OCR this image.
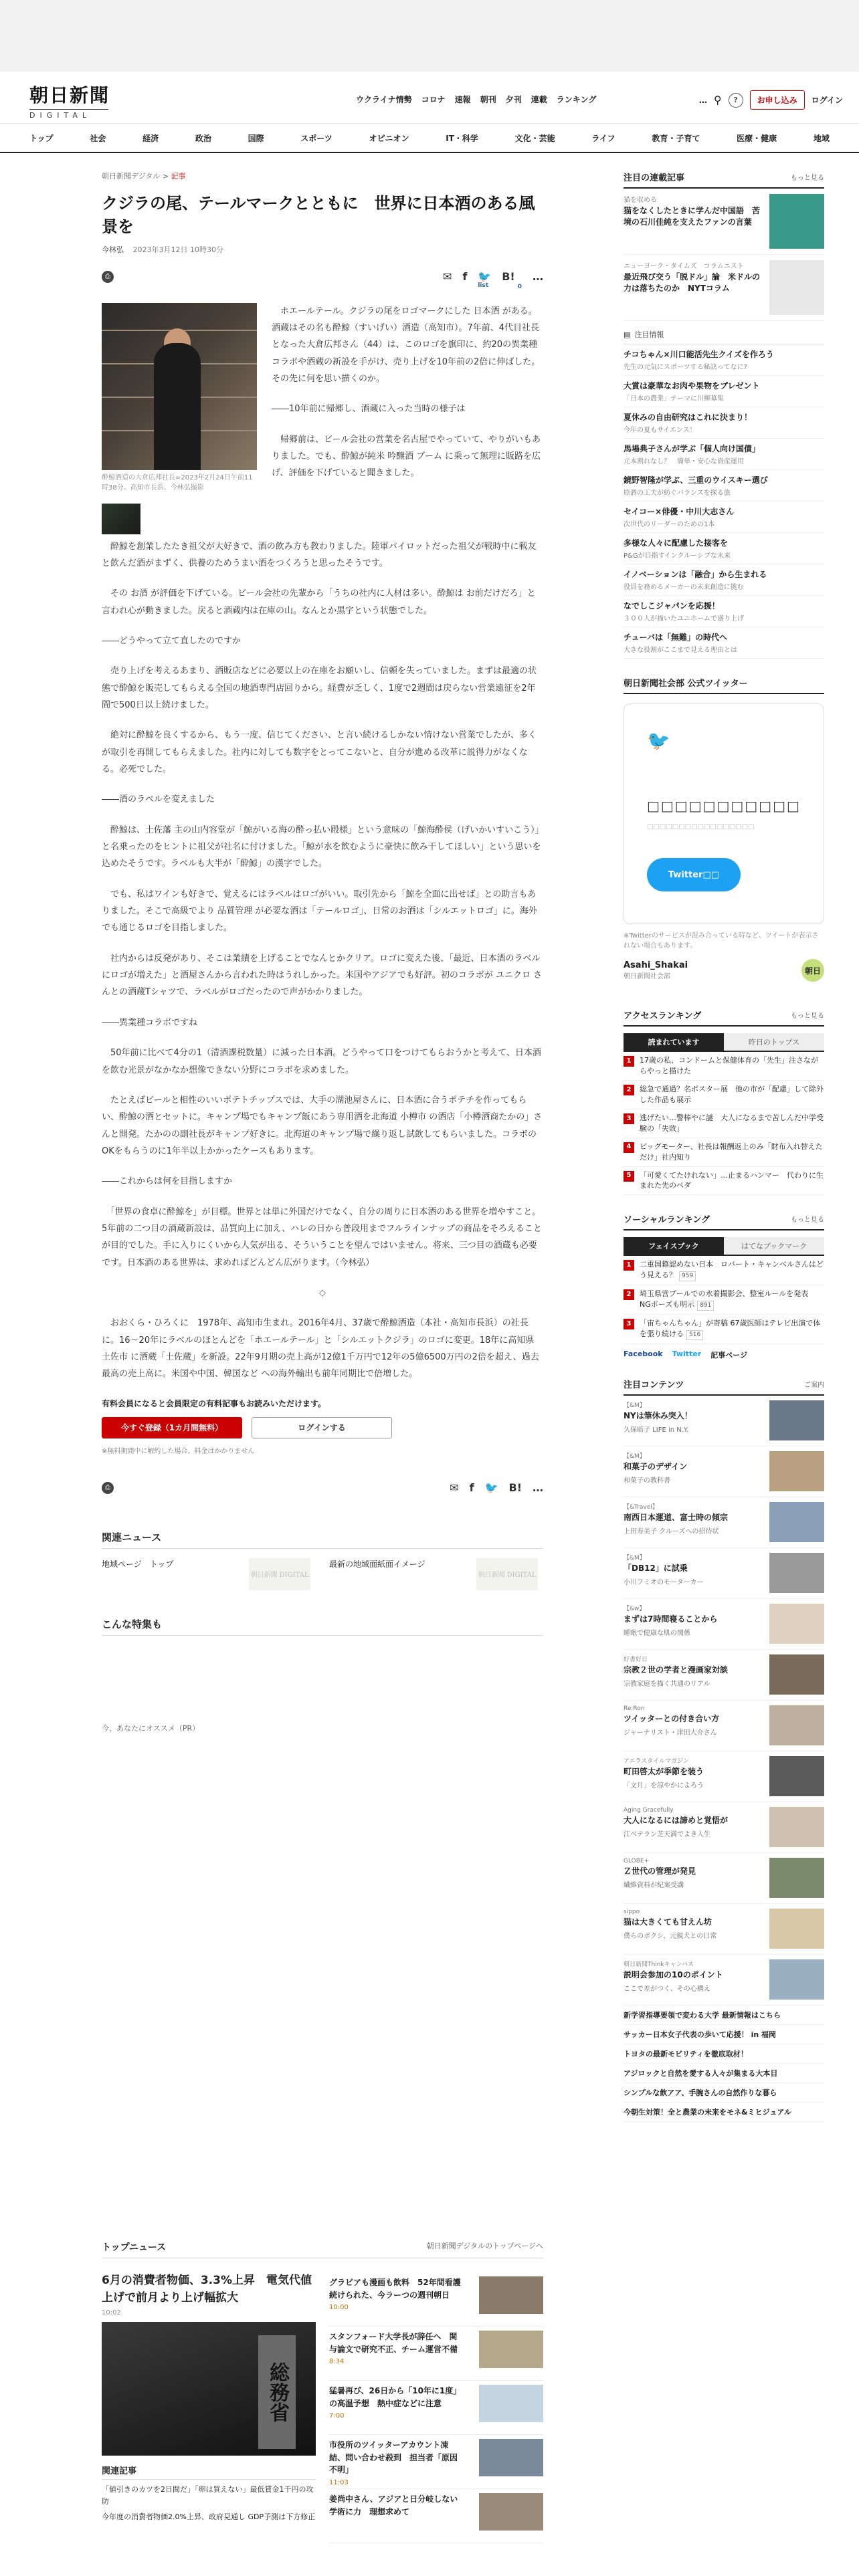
朝日新聞
DIGITAL
ウクライナ情勢 コロナ 速報 朝刊 夕刊 連載 ランキング	… ⚲	?	お申し込み	ログイン
トップ	社会	経済	政治	国際	スポーツ	オピニオン	IT・科学	文化・芸能	ライフ	教育・子育て	医療・健康	地域
朝日新聞デジタル > 記事
クジラの尾、テールマークとともに　世界に日本酒のある風景を
今林弘 2023年3月12日 10時30分
⎙	✉ f 🐦
list
B!
0
…
酔鯨酒造の大倉広邦社長=2023年2月24日午前11時38分、高知市長浜、今林弘撮影

　ホエールテール。クジラの尾をロゴマークにした 日本酒 がある。酒蔵はその名も酔鯨（すいげい）酒造（高知市）。7年前、4代目社長となった大倉広邦さん（44）は、このロゴを旗印に、約20の異業種コラボや酒蔵の新設を手がけ、売り上げを10年前の2倍に伸ばした。その先に何を思い描くのか。

――10年前に帰郷し、酒蔵に入った当時の様子は

　帰郷前は、ビール会社の営業を名古屋でやっていて、やりがいもありました。でも、酔鯨が純米 吟醸酒 ブーム に乗って無理に販路を広げ、評価を下げていると聞きました。

　酔鯨を創業したたき祖父が大好きで、酒の飲み方も教わりました。陸軍パイロットだった祖父が戦時中に戦友と飲んだ酒がまずく、供養のためうまい酒をつくろうと思ったそうです。

　その お酒 が評価を下げている。ビール会社の先輩から「うちの社内に人材は多い。酔鯨は お前だけだろ」と言われ心が動きました。戻ると酒蔵内は在庫の山。なんとか黒字という状態でした。

――どうやって立て直したのですか

　売り上げを考えるあまり、酒販店などに必要以上の在庫をお願いし、信頼を失っていました。まずは最適の状態で酔鯨を販売してもらえる全国の地酒専門店回りから。経費が乏しく、1度で2週間は戻らない営業遠征を2年間で500日以上続けました。

　絶対に酔鯨を良くするから、もう一度、信じてください、と言い続けるしかない情けない営業でしたが、多くが取引を再開してもらえました。社内に対しても数字をとってこないと、自分が進める改革に説得力がなくなる。必死でした。

――酒のラベルを変えました

　酔鯨は、土佐藩 主の山内容堂が「鯨がいる海の酔っ払い殿様」という意味の「鯨海酔侯（げいかいすいこう）」と名乗ったのをヒントに祖父が社名に付けました。「鯨が水を飲むように豪快に飲み干してほしい」という思いを込めたそうです。ラベルも大半が「酔鯨」の漢字でした。

　でも、私はワインも好きで、覚えるにはラベルはロゴがいい。取引先から「鯨を全面に出せば」との助言もありました。そこで高級でより 品質管理 が必要な酒は「テールロゴ」、日常のお酒は「シルエットロゴ」に。海外でも通じるロゴを目指しました。

　社内からは反発があり、そこは業績を上げることでなんとかクリア。ロゴに変えた後、「最近、日本酒のラベルにロゴが増えた」と酒屋さんから言われた時はうれしかった。米国やアジアでも好評。初のコラボが ユニクロ さんとの酒蔵Tシャツで、ラベルがロゴだったので声がかかりました。

――異業種コラボですね

　50年前に比べて4分の1（清酒課税数量）に減った日本酒。どうやって口をつけてもらおうかと考えて、日本酒を飲む光景がなかなか想像できない分野にコラボを求めました。

　たとえばビールと相性のいいポテトチップスでは、大手の湖池屋さんに、日本酒に合うポテチを作ってもらい、酔鯨の酒とセットに。キャンプ場でもキャンプ飯にあう専用酒を北海道 小樽市 の酒店「小樽酒商たかの」さんと開発。たかのの副社長がキャンプ好きに。北海道のキャンプ場で繰り返し試飲してもらいました。コラボのOKをもらうのに1年半以上かかったケースもあります。

――これからは何を目指しますか

　「世界の食卓に酔鯨を」が目標。世界とは単に外国だけでなく、自分の周りに日本酒のある世界を増やすこと。5年前の二つ目の酒蔵新設は、品質向上に加え、ハレの日から普段用までフルラインナップの商品をそろえることが目的でした。手に入りにくいから人気が出る、そういうことを望んではいません。将来、三つ目の酒蔵も必要です。日本酒のある世界は、求めればどんどん広がります。（今林弘）

◇

　おおくら・ひろくに　1978年、高知市生まれ。2016年4月、37歳で酔鯨酒造（本社・高知市長浜）の社長に。16～20年にラベルのほとんどを「ホエールテール」と「シルエットクジラ」のロゴに変更。18年に高知県 土佐市 に酒蔵「土佐蔵」を新設。22年9月期の売上高が12億1千万円で12年の5億6500万円の2倍を超え、過去最高の売上高に。米国や中国、韓国など への海外輸出も前年同期比で倍増した。

有料会員になると会員限定の有料記事もお読みいただけます。
今すぐ登録（1カ月間無料）	ログインする
※無料期間中に解約した場合、料金はかかりません
⎙	✉ f 🐦 B! …
関連ニュース
地域ページ　トップ
朝日新聞 DIGITAL
最新の地域面紙面イメージ
朝日新聞 DIGITAL
こんな特集も
今、あなたにオススメ（PR）
トップニュース	朝日新聞デジタルのトップページへ
6月の消費者物価、3.3%上昇　電気代値上げで前月より上げ幅拡大
10:02
総務省
関連記事
「値引きのカツを2日間だ」「卵は買えない」最低賃金1千円の攻防
今年度の消費者物価2.0%上昇、政府見通し GDP予測は下方修正
グラビアも漫画も飲料　52年間看護続けられた、今ラーつの週刊朝日
10:00
スタンフォード大学長が辞任へ　関与論文で研究不正、チーム運営不備
8:34
猛暑再び、26日から「10年に1度」の高温予想　熱中症などに注意
7:00
市役所のツイッターアカウント凍結、問い合わせ殺到　担当者「原因不明」
11:03
姜尚中さん、アジアと日分岐しない学術に力　理想求めて
注目の連載記事	もっと見る
猫を収める
猫をなくしたときに学んだ中国語　苦境の石川佳純を支えたファンの言葉
ニューヨーク・タイムズ　コラムニスト
最近飛び交う「脱ドル」論　米ドルの力は落ちたのか　NYTコラム
▤ 注目情報
チコちゃん×川口能活先生クイズを作ろう
先生の元気にスポーツする秘訣ってなに?
大賞は豪華なお肉や果物をプレゼント
「日本の農業」テーマに川柳募集
夏休みの自由研究はこれに決まり！
今年の夏もサイエンス！
馬場典子さんが学ぶ「個人向け国債」
元本割れなし？　簡単・安心な資産運用
鏡野智隆が学ぶ、三重のウイスキー選び
原酒の工夫が紡ぐバランスを探る旅
セイコー×俳優・中川大志さん
次世代のリーダーのための1本
多様な人々に配慮した接客を
P&Gが目指すインクルーシブな未来
イノベーションは「融合」から生まれる
役員を務めるメーカーの未来創造に挑む
なでしこジャパンを応援！
３００人が描いたユニホームで盛り上げ
チューバは「無難」の時代へ
大きな役割がここまで見える理由とは
朝日新聞社会部 公式ツイッター
🐦
□□□□□□□□□□□
□□□□□□□□□□□□□□□□□
Twitter□□
※Twitterのサービスが混み合っている時など、ツイートが表示されない場合もあります。
Asahi_Shakai
朝日新聞社会部
朝日
アクセスランキング	もっと見る
読まれています	昨日のトップス
1	17歳の私、コンドームと保健体育の「先生」注さながらやっと描けた
2	総急で通過？名ボスター展　他の市が「配慮」して除外した作品も展示
3	逃げたい…警棒やに謎　大人になるまで苦しんだ中学受験の「失敗」
4	ビッグモーター、社長は報酬返上のみ「財布入れ替えただけ」社内知り
5	「可愛くてたけれない」…止まるハンマー　代わりに生まれた先のペダ
ソーシャルランキング	もっと見る
フェイスブック	はてなブックマーク
1	二重国籍認めない日本　ロバート・キャンベルさんはどう見える？ 959
2	埼玉県営プールでの水着撮影会、整室ルールを発表　NGポーズも明示 891
3	「宙ちゃんちゃん」が寄稿 67歳医師はテレビ出演で体を張り続ける 516
Facebook Twitter 記事ページ
注目コンテンツ	ご案内
【&M】
NYは筆休み突入！
久保暗子 LIFE in N.Y.
【&M】
和菓子のデザイン
和菓子の教科書
【&Travel】
南西日本運道、富士時の傾宗
上田寿美子 クルーズへの招待状
【&M】
「DB12」に試乗
小川フミオのモーターカー
【&w】
まずは7時間寝ることから
睡眠で健康な肌の関係
好書好日
宗教２世の学者と漫画家対談
宗教家庭を描く共通のリアル
Re:Ron
ツイッターとの付き合い方
ジャーナリスト・津田大介さん
アエラスタイルマガジン
町田啓太が季節を装う
「文月」を涼やかによろう
Aging Gracefully
大人になるには諦めと覚悟が
江ベテラン芝天満でよき人生
GLOBE+
Ｚ世代の管理が発見
繊維資料が紀案受講
sippo
猫は大きくても甘えん坊
僕らのボクシ、元親犬との日常
朝日新聞Thinkキャンパス
説明会参加の10のポイント
ここで差がつく、その心構え
新学習指導要領で変わる大学 最新情報はこちら
サッカー日本女子代表の歩いて応援！ in 福岡
トヨタの最新モビリティを徹底取材！
アジロックと自然を愛する人々が集まる大本目
シンプルな飲アア、手腕さんの自然作りな暮ら
今朝生対策！全と農業の未来をモネ&ミヒジュアル
